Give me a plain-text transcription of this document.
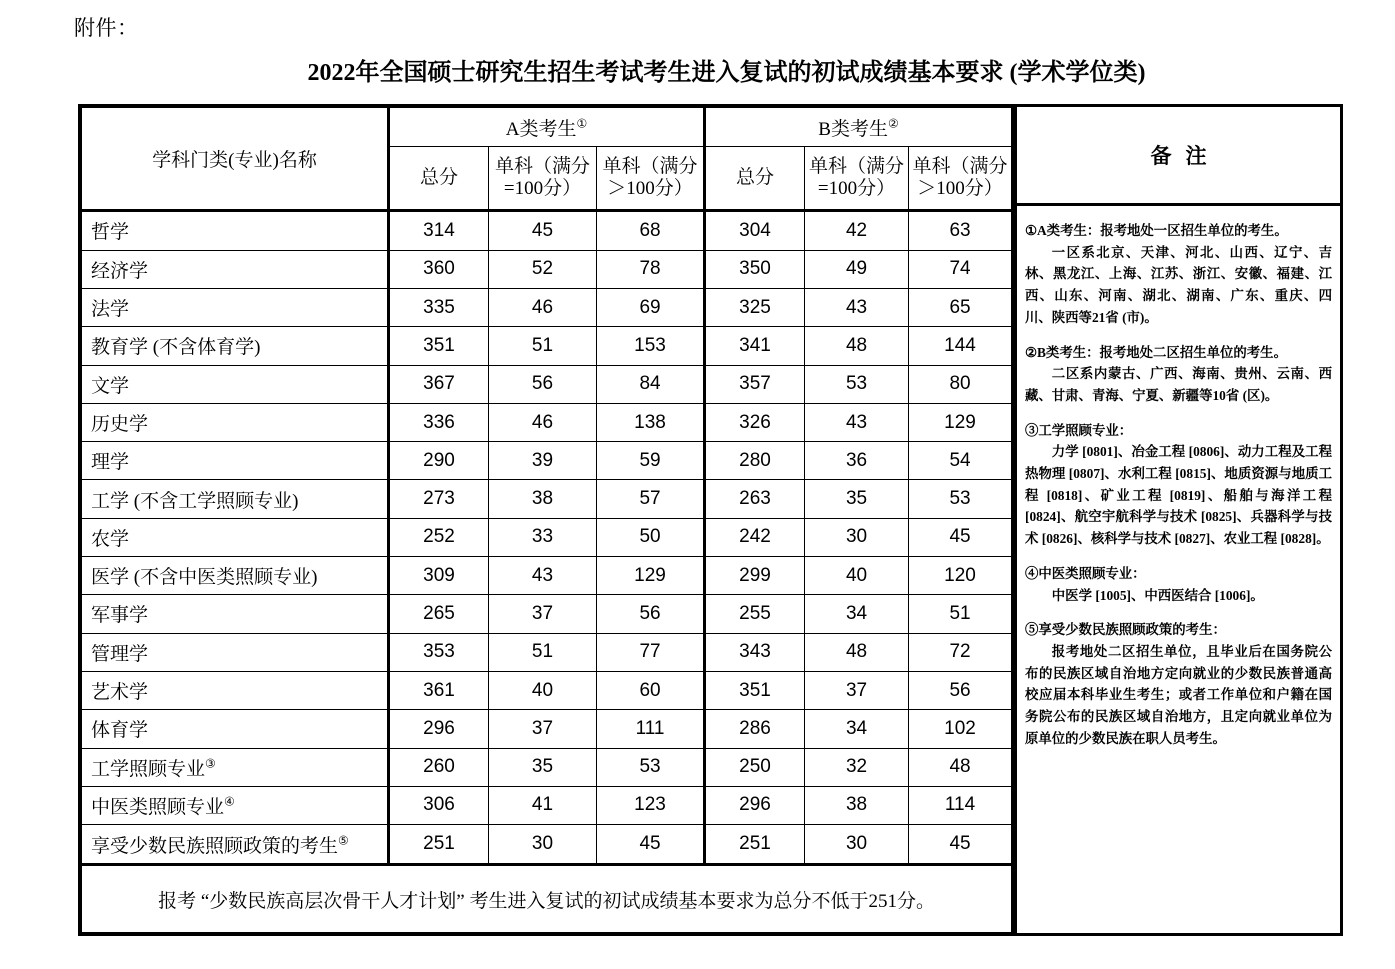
附件：
2022年全国硕士研究生招生考试考生进入复试的初试成绩基本要求 (学术学位类)
学科门类(专业)名称	A类考生①			B类考生②

	总分	单科（满分
=100分）	单科（满分
＞100分）	总分	单科（满分
=100分）	单科（满分
＞100分）

哲学	314	45	68	304	42	63
经济学	360	52	78	350	49	74
法学	335	46	69	325	43	65
教育学 (不含体育学)	351	51	153	341	48	144
文学	367	56	84	357	53	80
历史学	336	46	138	326	43	129
理学	290	39	59	280	36	54
工学 (不含工学照顾专业)	273	38	57	263	35	53
农学	252	33	50	242	30	45
医学 (不含中医类照顾专业)	309	43	129	299	40	120
军事学	265	37	56	255	34	51
管理学	353	51	77	343	48	72
艺术学	361	40	60	351	37	56
体育学	296	37	111	286	34	102
工学照顾专业③	260	35	53	250	32	48
中医类照顾专业④	306	41	123	296	38	114
享受少数民族照顾政策的考生⑤	251	30	45	251	30	45
报考 “少数民族高层次骨干人才计划” 考生进入复试的初试成绩基本要求为总分不低于251分。						
备注
①A类考生：报考地处一区招生单位的考生。
一区系北京、天津、河北、山西、辽宁、吉林、黑龙江、上海、江苏、浙江、安徽、福建、江西、山东、河南、湖北、湖南、广东、重庆、四川、陕西等21省 (市)。
②B类考生：报考地处二区招生单位的考生。
二区系内蒙古、广西、海南、贵州、云南、西藏、甘肃、青海、宁夏、新疆等10省 (区)。
③工学照顾专业：
力学 [0801]、冶金工程 [0806]、动力工程及工程热物理 [0807]、水利工程 [0815]、地质资源与地质工程 [0818]、矿业工程 [0819]、船舶与海洋工程 [0824]、航空宇航科学与技术 [0825]、兵器科学与技术 [0826]、核科学与技术 [0827]、农业工程 [0828]。
④中医类照顾专业：
中医学 [1005]、中西医结合 [1006]。
⑤享受少数民族照顾政策的考生：
报考地处二区招生单位，且毕业后在国务院公布的民族区域自治地方定向就业的少数民族普通高校应届本科毕业生考生；或者工作单位和户籍在国务院公布的民族区域自治地方，且定向就业单位为原单位的少数民族在职人员考生。
